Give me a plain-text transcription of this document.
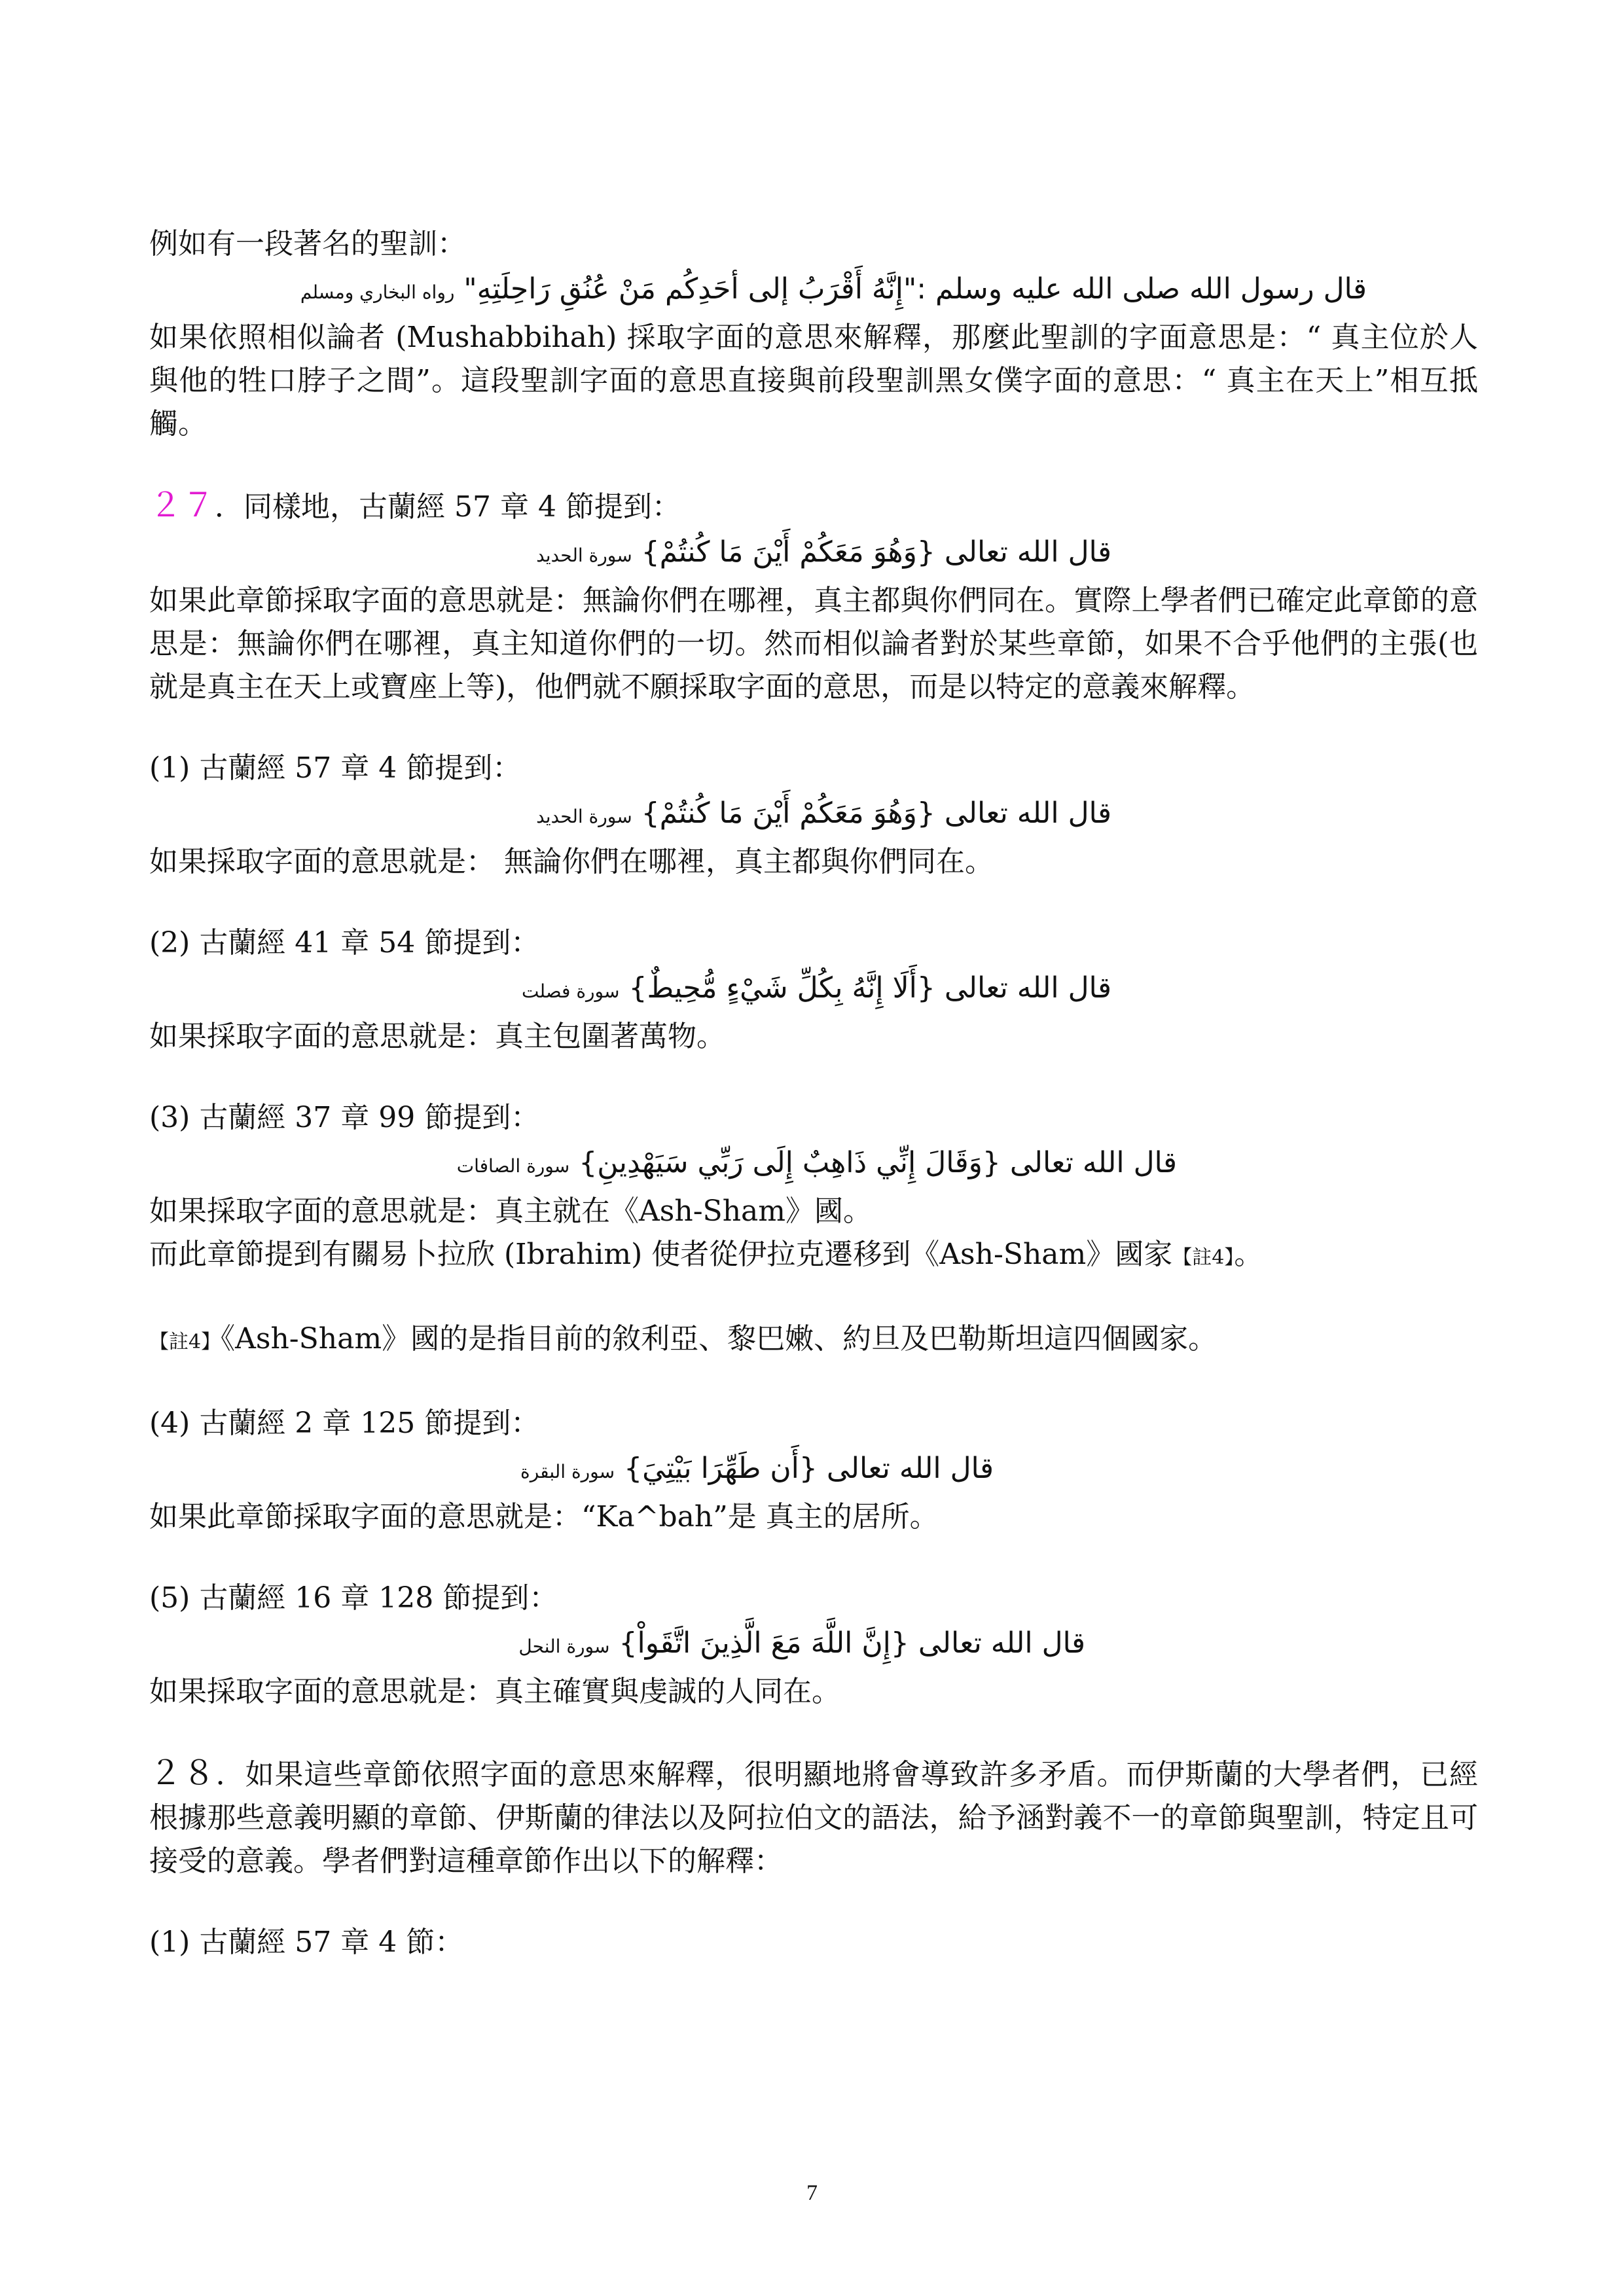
例如有一段著名的聖訓：

قال رسول الله صلى الله عليه وسلم :"إِنَّهُ أَقْرَبُ إلى أحَدِكُم مَنْ عُنُقِ رَاحِلَتِهِ" رواه البخاري ومسلم

如果依照相似論者 (Mushabbihah) 採取字面的意思來解釋，那麼此聖訓的字面意思是：“ 真主位於人與他的牲口脖子之間”。這段聖訓字面的意思直接與前段聖訓黑女僕字面的意思：“ 真主在天上”相互抵觸。

２７．同樣地，古蘭經 57 章 4 節提到：

قال الله تعالى {وَهُوَ مَعَكُمْ أَيْنَ مَا كُنتُمْ} سورة الحديد

如果此章節採取字面的意思就是：無論你們在哪裡，真主都與你們同在。實際上學者們已確定此章節的意思是：無論你們在哪裡，真主知道你們的一切。然而相似論者對於某些章節，如果不合乎他們的主張(也就是真主在天上或寶座上等)，他們就不願採取字面的意思，而是以特定的意義來解釋。

(1) 古蘭經 57 章 4 節提到：

قال الله تعالى {وَهُوَ مَعَكُمْ أَيْنَ مَا كُنتُمْ} سورة الحديد

如果採取字面的意思就是： 無論你們在哪裡，真主都與你們同在。

(2) 古蘭經 41 章 54 節提到：

قال الله تعالى {أَلَا إِنَّهُ بِكُلِّ شَيْءٍ مُّحِيطٌ} سورة فصلت

如果採取字面的意思就是：真主包圍著萬物。

(3) 古蘭經 37 章 99 節提到：

قال الله تعالى {وَقَالَ إِنِّي ذَاهِبٌ إِلَى رَبِّي سَيَهْدِينِ} سورة الصافات

如果採取字面的意思就是：真主就在《Ash-Sham》國。

而此章節提到有關易卜拉欣 (Ibrahim) 使者從伊拉克遷移到《Ash-Sham》國家【註4】。

【註4】《Ash-Sham》國的是指目前的敘利亞、黎巴嫩、約旦及巴勒斯坦這四個國家。

(4) 古蘭經 2 章 125 節提到：

قال الله تعالى {أَن طَهِّرَا بَيْتِيَ} سورة البقرة

如果此章節採取字面的意思就是：“Ka^bah”是 真主的居所。

(5) 古蘭經 16 章 128 節提到：

قال الله تعالى {إِنَّ اللَّهَ مَعَ الَّذِينَ اتَّقَواْ} سورة النحل

如果採取字面的意思就是：真主確實與虔誠的人同在。

２８．如果這些章節依照字面的意思來解釋，很明顯地將會導致許多矛盾。而伊斯蘭的大學者們，已經根據那些意義明顯的章節、伊斯蘭的律法以及阿拉伯文的語法，給予涵對義不一的章節與聖訓，特定且可接受的意義。學者們對這種章節作出以下的解釋：

(1) 古蘭經 57 章 4 節：

7
